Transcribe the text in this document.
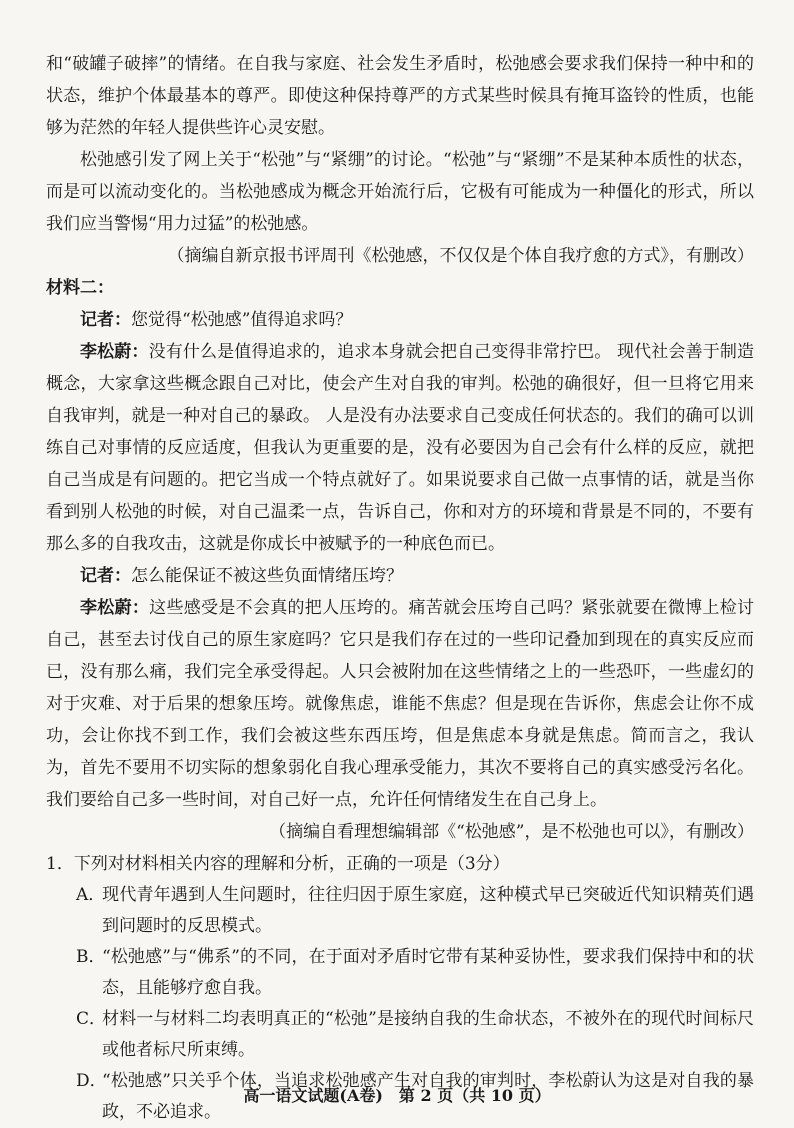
和“破罐子破摔”的情绪。在自我与家庭、社会发生矛盾时，松弛感会要求我们保持一种中和的状态，维护个体最基本的尊严。即使这种保持尊严的方式某些时候具有掩耳盗铃的性质，也能够为茫然的年轻人提供些许心灵安慰。

松弛感引发了网上关于“松弛”与“紧绷”的讨论。“松弛”与“紧绷”不是某种本质性的状态，而是可以流动变化的。当松弛感成为概念开始流行后，它极有可能成为一种僵化的形式，所以我们应当警惕“用力过猛”的松弛感。

（摘编自新京报书评周刊《松弛感，不仅仅是个体自我疗愈的方式》，有删改）

材料二：

记者：您觉得“松弛感”值得追求吗？

李松蔚：没有什么是值得追求的，追求本身就会把自己变得非常拧巴。 现代社会善于制造概念，大家拿这些概念跟自己对比，使会产生对自我的审判。松弛的确很好，但一旦将它用来自我审判，就是一种对自己的暴政。 人是没有办法要求自己变成任何状态的。我们的确可以训练自己对事情的反应适度，但我认为更重要的是，没有必要因为自己会有什么样的反应，就把自己当成是有问题的。把它当成一个特点就好了。如果说要求自己做一点事情的话，就是当你看到别人松弛的时候，对自己温柔一点，告诉自己，你和对方的环境和背景是不同的，不要有那么多的自我攻击，这就是你成长中被赋予的一种底色而已。

记者：怎么能保证不被这些负面情绪压垮？

李松蔚：这些感受是不会真的把人压垮的。痛苦就会压垮自己吗？紧张就要在微博上检讨自己，甚至去讨伐自己的原生家庭吗？它只是我们存在过的一些印记叠加到现在的真实反应而已，没有那么痛，我们完全承受得起。人只会被附加在这些情绪之上的一些恐吓，一些虚幻的对于灾难、对于后果的想象压垮。就像焦虑，谁能不焦虑？但是现在告诉你，焦虑会让你不成功，会让你找不到工作，我们会被这些东西压垮，但是焦虑本身就是焦虑。简而言之，我认为，首先不要用不切实际的想象弱化自我心理承受能力，其次不要将自己的真实感受污名化。我们要给自己多一些时间，对自己好一点，允许任何情绪发生在自己身上。

（摘编自看理想编辑部《“松弛感”，是不松弛也可以》，有删改）

1．下列对材料相关内容的理解和分析，正确的一项是（3分）

A．现代青年遇到人生问题时，往往归因于原生家庭，这种模式早已突破近代知识精英们遇到问题时的反思模式。

B．“松弛感”与“佛系”的不同，在于面对矛盾时它带有某种妥协性，要求我们保持中和的状态，且能够疗愈自我。

C．材料一与材料二均表明真正的“松弛”是接纳自我的生命状态，不被外在的现代时间标尺或他者标尺所束缚。

D．“松弛感”只关乎个体，当追求松弛感产生对自我的审判时，李松蔚认为这是对自我的暴政，不必追求。

高一语文试题(A卷)　第 2 页（共 10 页）
